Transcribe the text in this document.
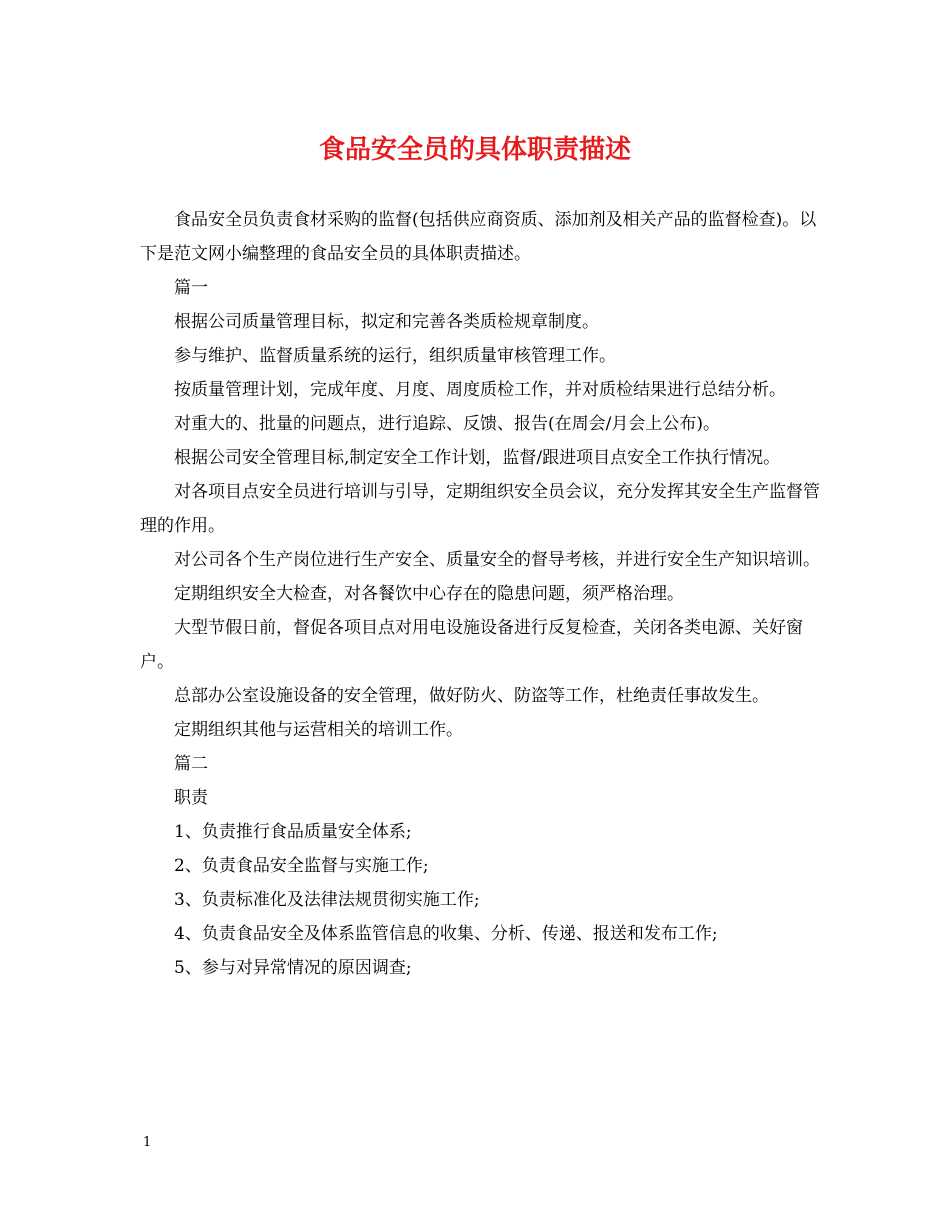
食品安全员的具体职责描述

食品安全员负责食材采购的监督(包括供应商资质、添加剂及相关产品的监督检查)。以下是范文网小编整理的食品安全员的具体职责描述。

篇一

根据公司质量管理目标，拟定和完善各类质检规章制度。

参与维护、监督质量系统的运行，组织质量审核管理工作。

按质量管理计划，完成年度、月度、周度质检工作，并对质检结果进行总结分析。

对重大的、批量的问题点，进行追踪、反馈、报告(在周会/月会上公布)。

根据公司安全管理目标,制定安全工作计划，监督/跟进项目点安全工作执行情况。

对各项目点安全员进行培训与引导，定期组织安全员会议，充分发挥其安全生产监督管理的作用。

对公司各个生产岗位进行生产安全、质量安全的督导考核，并进行安全生产知识培训。

定期组织安全大检查，对各餐饮中心存在的隐患问题，须严格治理。

大型节假日前，督促各项目点对用电设施设备进行反复检查，关闭各类电源、关好窗户。

总部办公室设施设备的安全管理，做好防火、防盗等工作，杜绝责任事故发生。

定期组织其他与运营相关的培训工作。

篇二

职责

1、负责推行食品质量安全体系;

2、负责食品安全监督与实施工作;

3、负责标准化及法律法规贯彻实施工作;

4、负责食品安全及体系监管信息的收集、分析、传递、报送和发布工作;

5、参与对异常情况的原因调查;

1
